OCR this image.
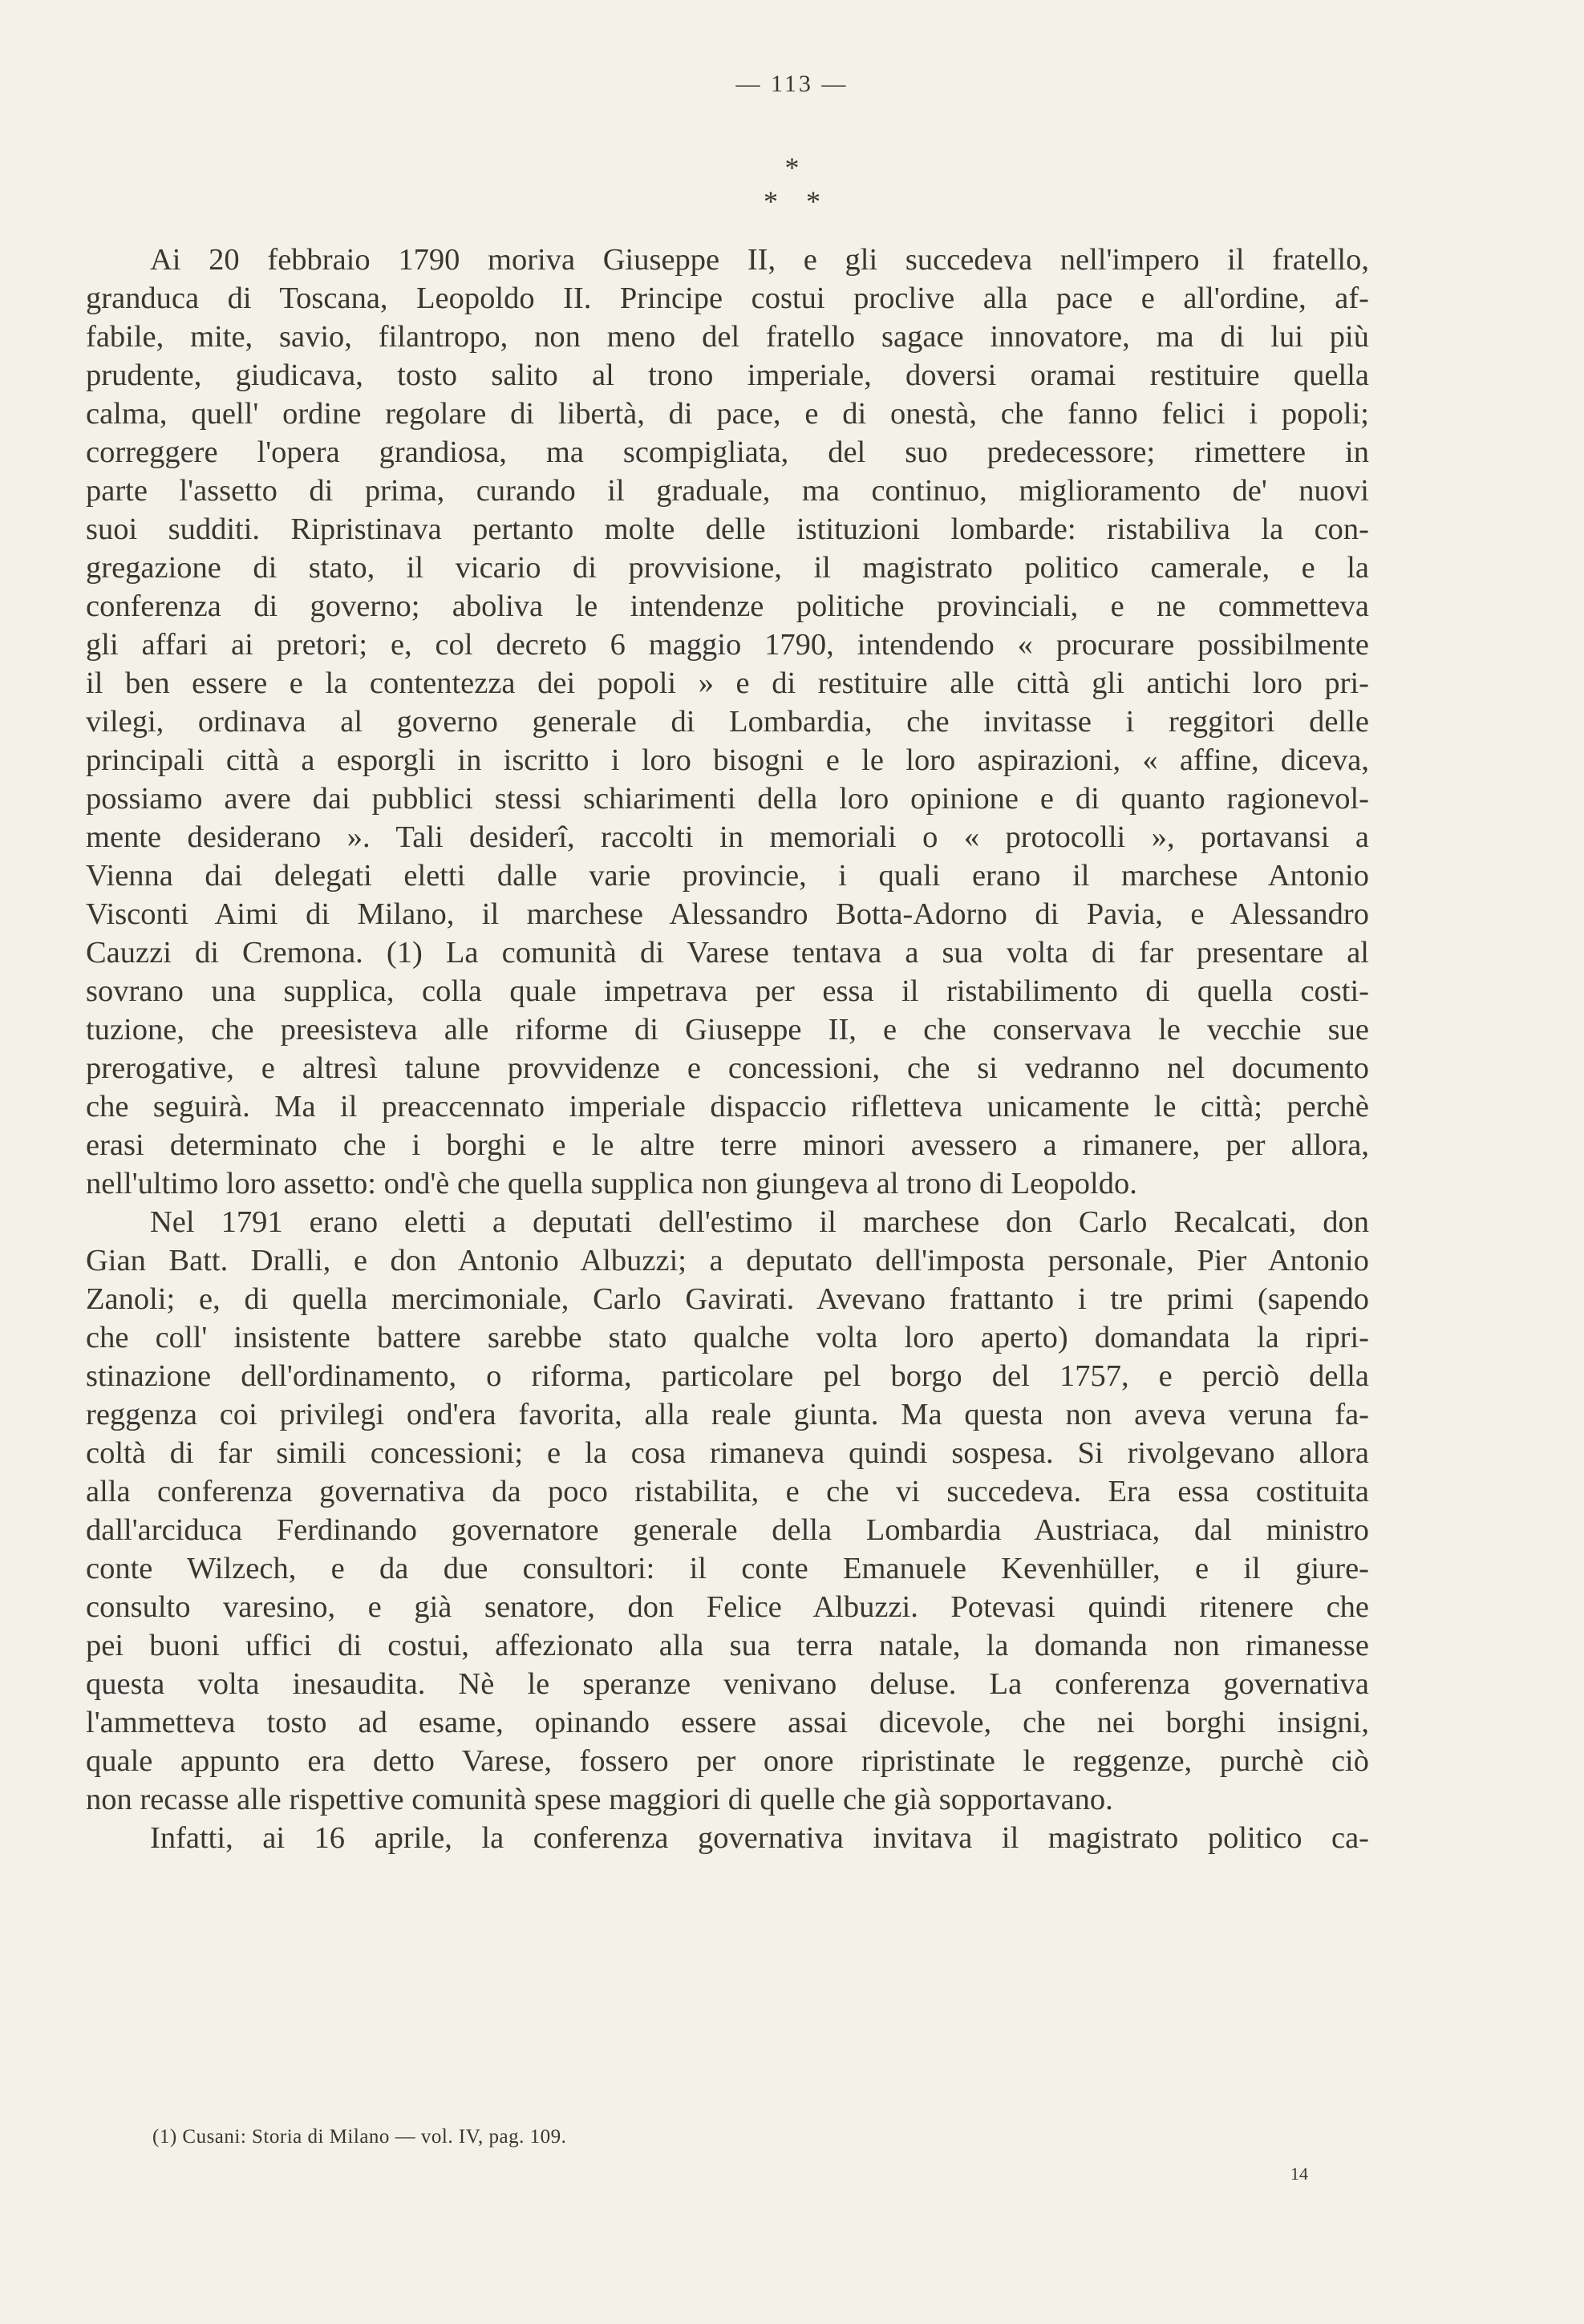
— 113 —
*
* *
Ai 20 febbraio 1790 moriva Giuseppe II, e gli succedeva nell'impero il fratello,
granduca di Toscana, Leopoldo II. Principe costui proclive alla pace e all'ordine, af-
fabile, mite, savio, filantropo, non meno del fratello sagace innovatore, ma di lui più
prudente, giudicava, tosto salito al trono imperiale, doversi oramai restituire quella
calma, quell' ordine regolare di libertà, di pace, e di onestà, che fanno felici i popoli;
correggere l'opera grandiosa, ma scompigliata, del suo predecessore; rimettere in
parte l'assetto di prima, curando il graduale, ma continuo, miglioramento de' nuovi
suoi sudditi. Ripristinava pertanto molte delle istituzioni lombarde: ristabiliva la con-
gregazione di stato, il vicario di provvisione, il magistrato politico camerale, e la
conferenza di governo; aboliva le intendenze politiche provinciali, e ne commetteva
gli affari ai pretori; e, col decreto 6 maggio 1790, intendendo « procurare possibilmente
il ben essere e la contentezza dei popoli » e di restituire alle città gli antichi loro pri-
vilegi, ordinava al governo generale di Lombardia, che invitasse i reggitori delle
principali città a esporgli in iscritto i loro bisogni e le loro aspirazioni, « affine, diceva,
possiamo avere dai pubblici stessi schiarimenti della loro opinione e di quanto ragionevol-
mente desiderano ». Tali desiderî, raccolti in memoriali o « protocolli », portavansi a
Vienna dai delegati eletti dalle varie provincie, i quali erano il marchese Antonio
Visconti Aimi di Milano, il marchese Alessandro Botta-Adorno di Pavia, e Alessandro
Cauzzi di Cremona. (1) La comunità di Varese tentava a sua volta di far presentare al
sovrano una supplica, colla quale impetrava per essa il ristabilimento di quella costi-
tuzione, che preesisteva alle riforme di Giuseppe II, e che conservava le vecchie sue
prerogative, e altresì talune provvidenze e concessioni, che si vedranno nel documento
che seguirà. Ma il preaccennato imperiale dispaccio rifletteva unicamente le città; perchè
erasi determinato che i borghi e le altre terre minori avessero a rimanere, per allora,
nell'ultimo loro assetto: ond'è che quella supplica non giungeva al trono di Leopoldo.
Nel 1791 erano eletti a deputati dell'estimo il marchese don Carlo Recalcati, don
Gian Batt. Dralli, e don Antonio Albuzzi; a deputato dell'imposta personale, Pier Antonio
Zanoli; e, di quella mercimoniale, Carlo Gavirati. Avevano frattanto i tre primi (sapendo
che coll' insistente battere sarebbe stato qualche volta loro aperto) domandata la ripri-
stinazione dell'ordinamento, o riforma, particolare pel borgo del 1757, e perciò della
reggenza coi privilegi ond'era favorita, alla reale giunta. Ma questa non aveva veruna fa-
coltà di far simili concessioni; e la cosa rimaneva quindi sospesa. Si rivolgevano allora
alla conferenza governativa da poco ristabilita, e che vi succedeva. Era essa costituita
dall'arciduca Ferdinando governatore generale della Lombardia Austriaca, dal ministro
conte Wilzech, e da due consultori: il conte Emanuele Kevenhüller, e il giure-
consulto varesino, e già senatore, don Felice Albuzzi. Potevasi quindi ritenere che
pei buoni uffici di costui, affezionato alla sua terra natale, la domanda non rimanesse
questa volta inesaudita. Nè le speranze venivano deluse. La conferenza governativa
l'ammetteva tosto ad esame, opinando essere assai dicevole, che nei borghi insigni,
quale appunto era detto Varese, fossero per onore ripristinate le reggenze, purchè ciò
non recasse alle rispettive comunità spese maggiori di quelle che già sopportavano.
Infatti, ai 16 aprile, la conferenza governativa invitava il magistrato politico ca-
(1) Cusani: Storia di Milano — vol. IV, pag. 109.
14
